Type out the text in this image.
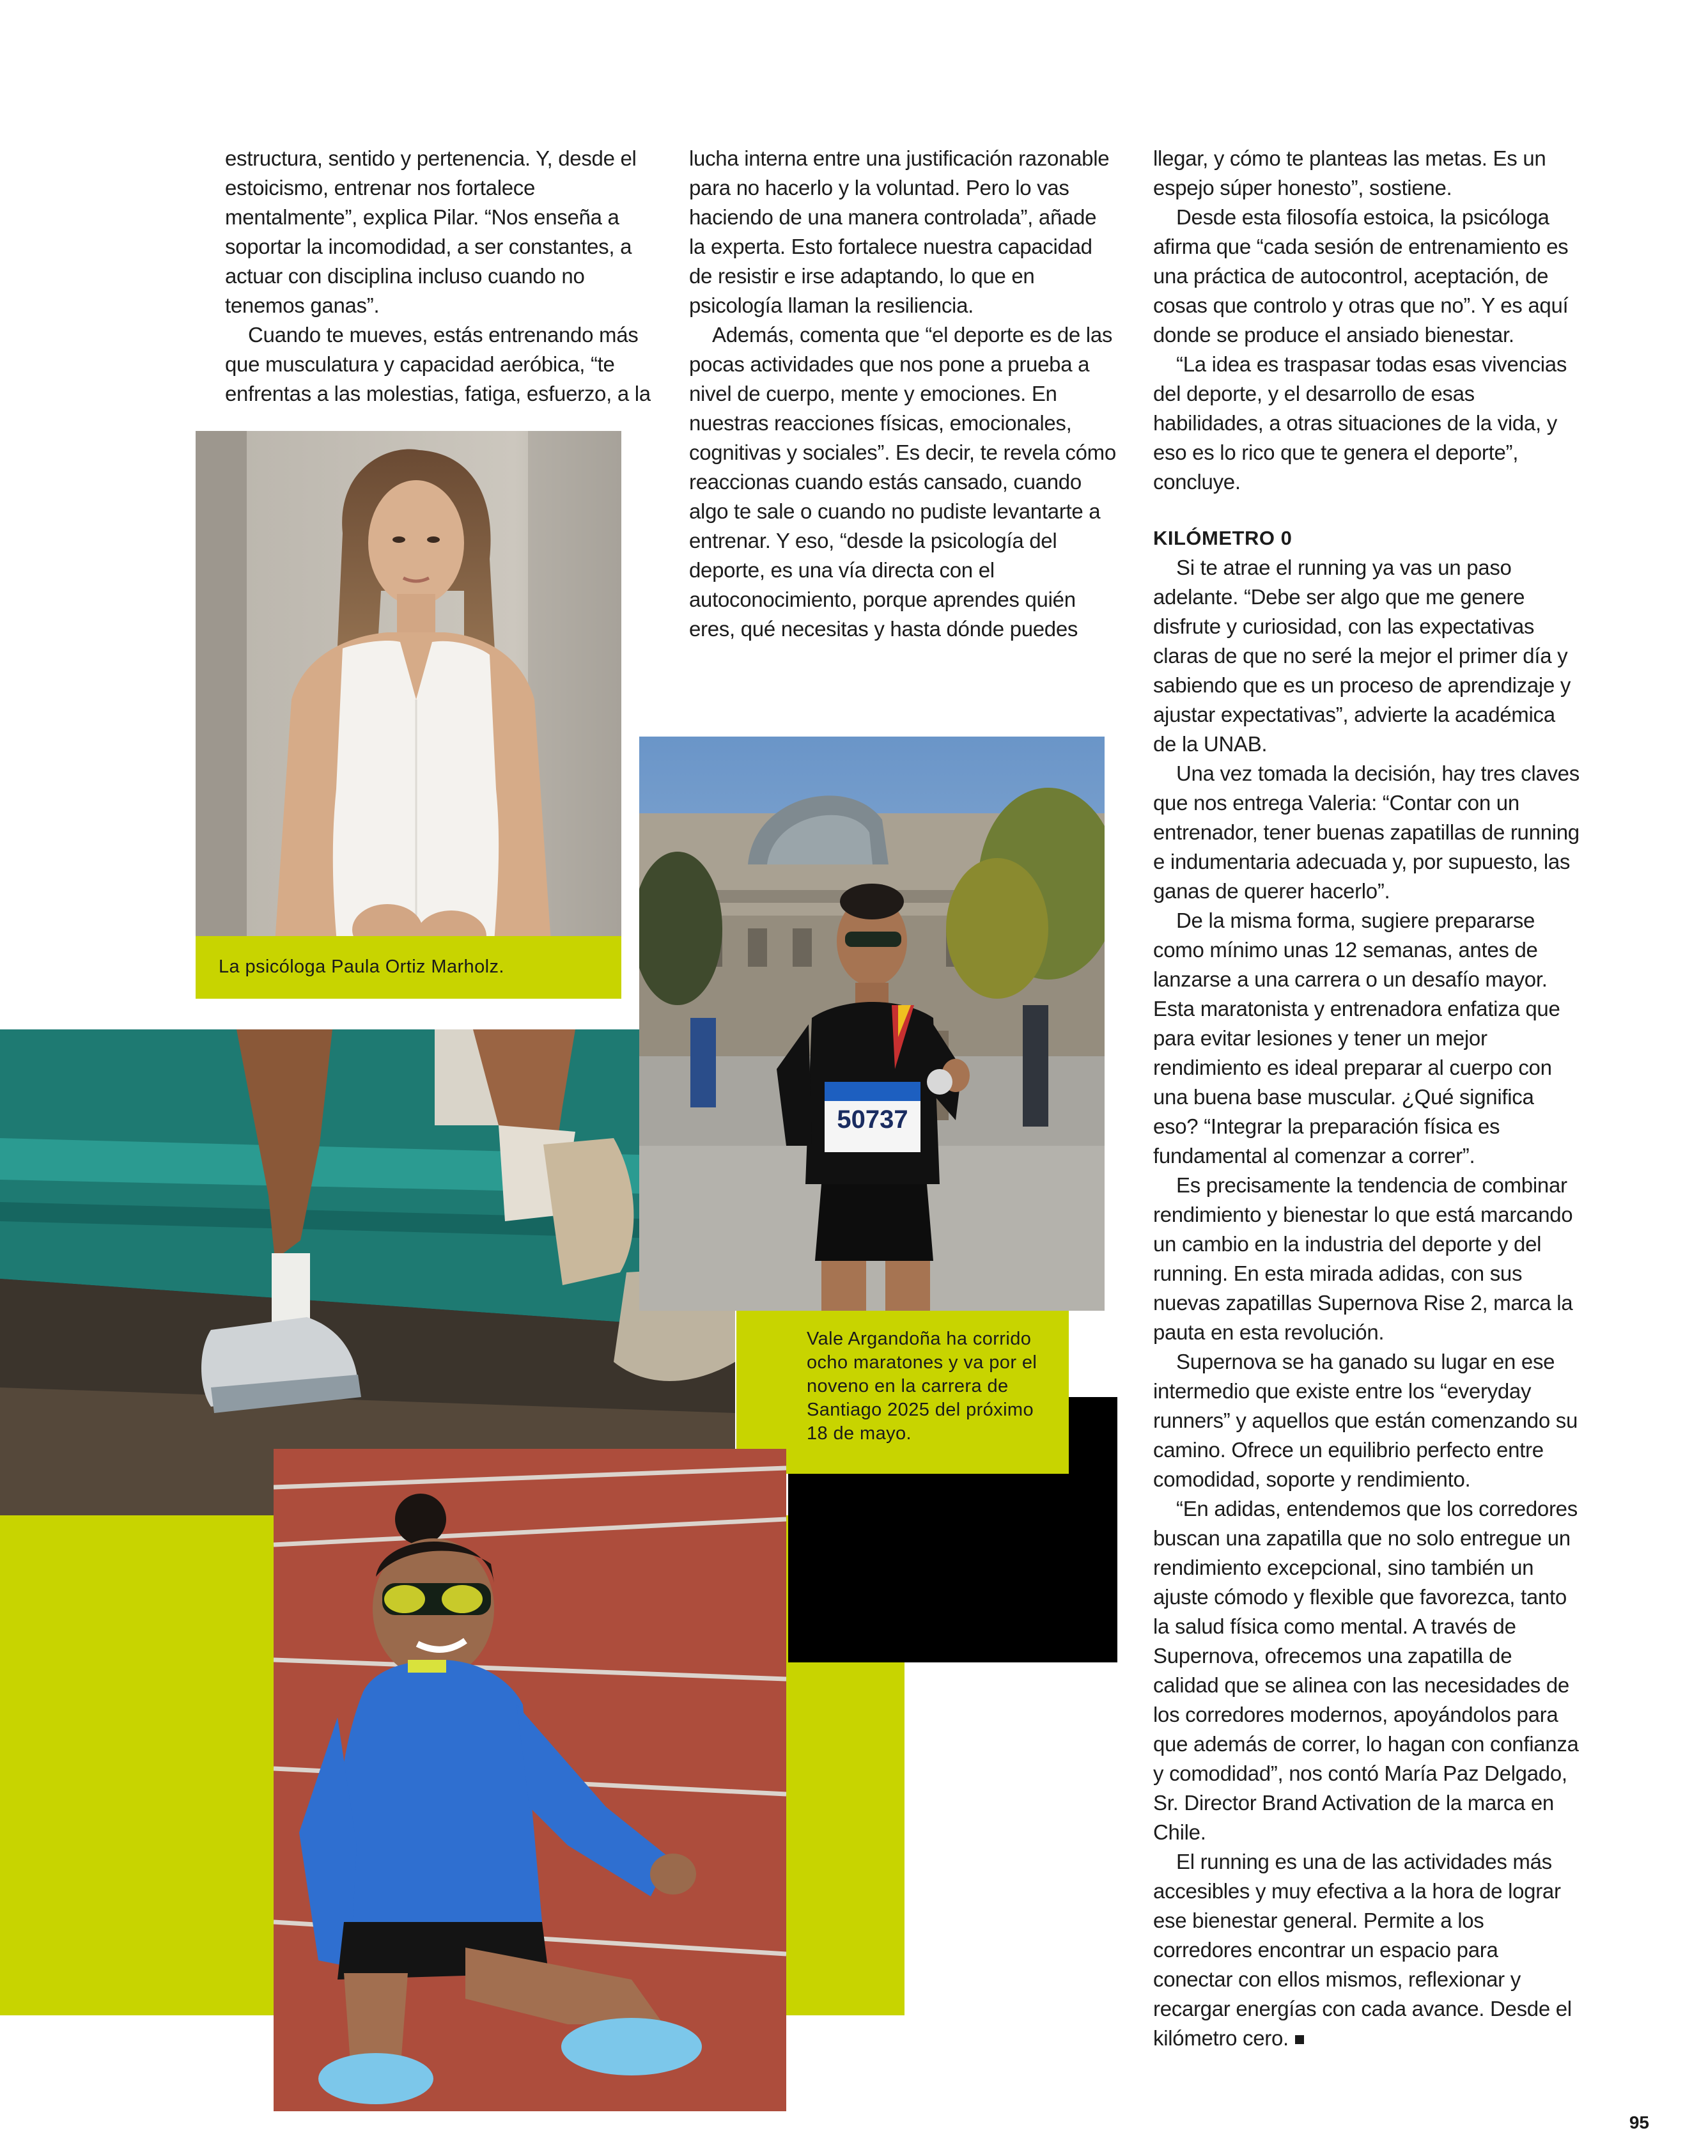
estructura, sentido y pertenencia. Y, desde el estoicismo, entrenar nos fortalece mentalmente”, explica Pilar. “Nos enseña a soportar la incomodidad, a ser constantes, a actuar con disciplina incluso cuando no tenemos ganas”.

Cuando te mueves, estás entrenando más que musculatura y capacidad aeróbica, “te enfrentas a las molestias, fatiga, esfuerzo, a la

lucha interna entre una justificación razonable para no hacerlo y la voluntad. Pero lo vas haciendo de una manera controlada”, añade la experta. Esto fortalece nuestra capacidad de resistir e irse adaptando, lo que en psicología llaman la resiliencia.

Además, comenta que “el deporte es de las pocas actividades que nos pone a prueba a nivel de cuerpo, mente y emociones. En nuestras reacciones físicas, emocionales, cognitivas y sociales”. Es decir, te revela cómo reaccionas cuando estás cansado, cuando algo te sale o cuando no pudiste levantarte a entrenar. Y eso, “desde la psicología del deporte, es una vía directa con el autoconocimiento, porque aprendes quién eres, qué necesitas y hasta dónde puedes

llegar, y cómo te planteas las metas. Es un espejo súper honesto”, sostiene.

Desde esta filosofía estoica, la psicóloga afirma que “cada sesión de entrenamiento es una práctica de autocontrol, aceptación, de cosas que controlo y otras que no”. Y es aquí donde se produce el ansiado bienestar.

“La idea es traspasar todas esas vivencias del deporte, y el desarrollo de esas habilidades, a otras situaciones de la vida, y eso es lo rico que te genera el deporte”, concluye.

KILÓMETRO 0

Si te atrae el running ya vas un paso adelante. “Debe ser algo que me genere disfrute y curiosidad, con las expectativas claras de que no seré la mejor el primer día y sabiendo que es un proceso de aprendizaje y ajustar expectativas”, advierte la académica de la UNAB.

Una vez tomada la decisión, hay tres claves que nos entrega Valeria: “Contar con un entrenador, tener buenas zapatillas de running e indumentaria adecuada y, por supuesto, las ganas de querer hacerlo”.

De la misma forma, sugiere prepararse como mínimo unas 12 semanas, antes de lanzarse a una carrera o un desafío mayor. Esta maratonista y entrenadora enfatiza que para evitar lesiones y tener un mejor rendimiento es ideal preparar al cuerpo con una buena base muscular. ¿Qué significa eso? “Integrar la preparación física es fundamental al comenzar a correr”.

Es precisamente la tendencia de combinar rendimiento y bienestar lo que está marcando un cambio en la industria del deporte y del running. En esta mirada adidas, con sus nuevas zapatillas Supernova Rise 2, marca la pauta en esta revolución.

Supernova se ha ganado su lugar en ese intermedio que existe entre los “everyday runners” y aquellos que están comenzando su camino. Ofrece un equilibrio perfecto entre comodidad, soporte y rendimiento.

“En adidas, entendemos que los corredores buscan una zapatilla que no solo entregue un rendimiento excepcional, sino también un ajuste cómodo y flexible que favorezca, tanto la salud física como mental. A través de Supernova, ofrecemos una zapatilla de calidad que se alinea con las necesidades de los corredores modernos, apoyándolos para que además de correr, lo hagan con confianza y comodidad”, nos contó María Paz Delgado, Sr. Director Brand Activation de la marca en Chile.

El running es una de las actividades más accesibles y muy efectiva a la hora de lograr ese bienestar general. Permite a los corredores encontrar un espacio para conectar con ellos mismos, reflexionar y recargar energías con cada avance. Desde el kilómetro cero.

La psicóloga Paula Ortiz Marholz.
50737
Vale Argandoña ha corrido ocho maratones y va por el noveno en la carrera de Santiago 2025 del próximo 18 de mayo.
95
